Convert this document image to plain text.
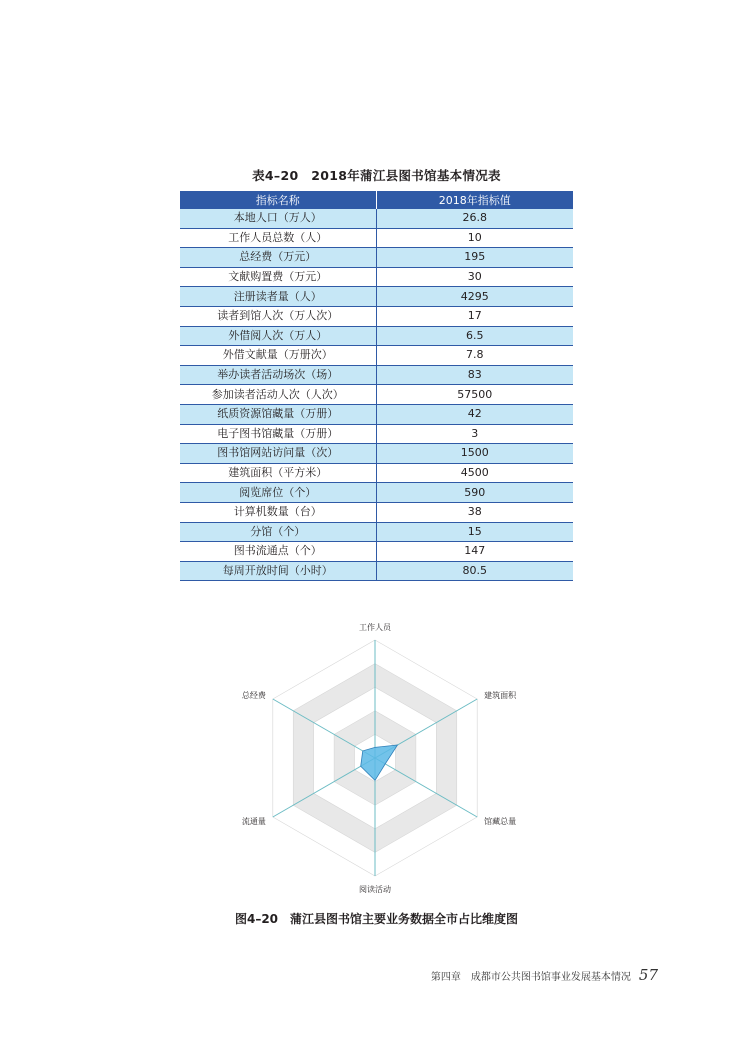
表4–20　2018年蒲江县图书馆基本情况表
指标名称	2018年指标值
本地人口（万人）	26.8
工作人员总数（人）	10
总经费（万元）	195
文献购置费（万元）	30
注册读者量（人）	4295
读者到馆人次（万人次）	17
外借阅人次（万人）	6.5
外借文献量（万册次）	7.8
举办读者活动场次（场）	83
参加读者活动人次（人次）	57500
纸质资源馆藏量（万册）	42
电子图书馆藏量（万册）	3
图书馆网站访问量（次）	1500
建筑面积（平方米）	4500
阅览席位（个）	590
计算机数量（台）	38
分馆（个）	15
图书流通点（个）	147
每周开放时间（小时）	80.5
工作人员
建筑面积
馆藏总量
阅读活动
流通量
总经费
图4–20　蒲江县图书馆主要业务数据全市占比维度图
第四章　成都市公共图书馆事业发展基本情况 57
